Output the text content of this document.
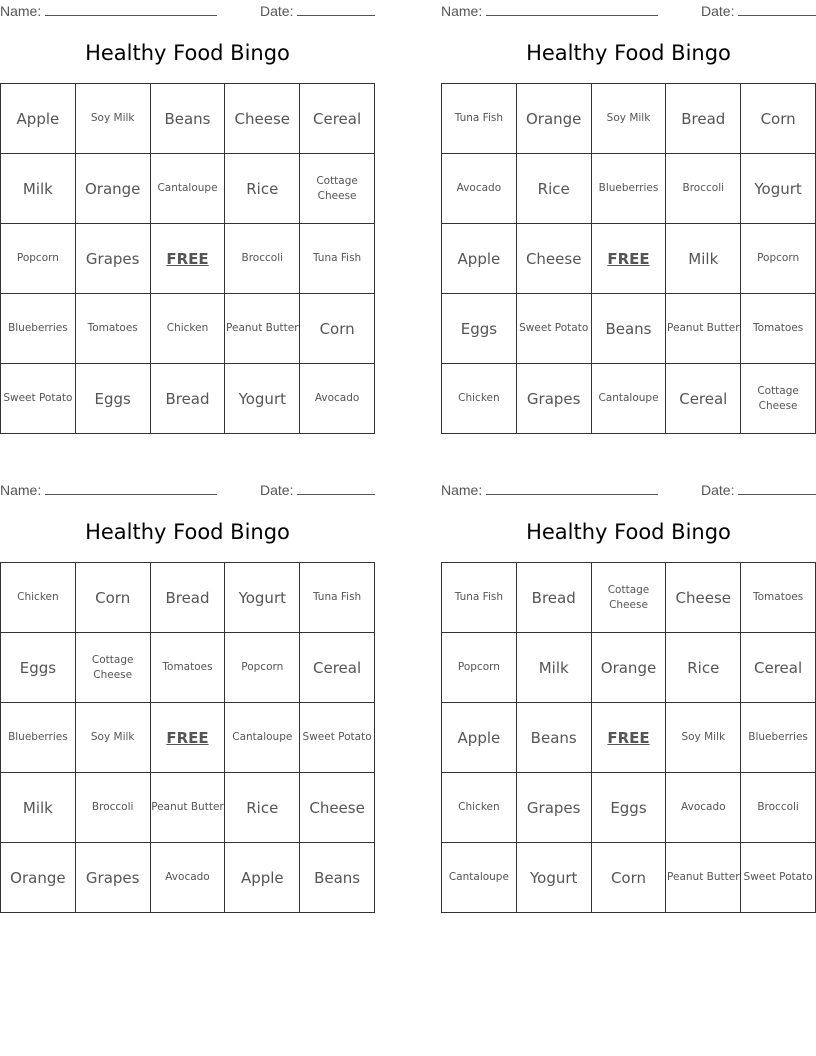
Name:	Date:
Healthy Food Bingo
Apple	Soy Milk	Beans	Cheese	Cereal
Milk	Orange	Cantaloupe	Rice	Cottage Cheese
Popcorn	Grapes	FREE	Broccoli	Tuna Fish
Blueberries	Tomatoes	Chicken	Peanut Butter	Corn
Sweet Potato	Eggs	Bread	Yogurt	Avocado
Name:	Date:
Healthy Food Bingo
Tuna Fish	Orange	Soy Milk	Bread	Corn
Avocado	Rice	Blueberries	Broccoli	Yogurt
Apple	Cheese	FREE	Milk	Popcorn
Eggs	Sweet Potato	Beans	Peanut Butter	Tomatoes
Chicken	Grapes	Cantaloupe	Cereal	Cottage Cheese
Name:	Date:
Healthy Food Bingo
Chicken	Corn	Bread	Yogurt	Tuna Fish
Eggs	Cottage Cheese	Tomatoes	Popcorn	Cereal
Blueberries	Soy Milk	FREE	Cantaloupe	Sweet Potato
Milk	Broccoli	Peanut Butter	Rice	Cheese
Orange	Grapes	Avocado	Apple	Beans
Name:	Date:
Healthy Food Bingo
Tuna Fish	Bread	Cottage Cheese	Cheese	Tomatoes
Popcorn	Milk	Orange	Rice	Cereal
Apple	Beans	FREE	Soy Milk	Blueberries
Chicken	Grapes	Eggs	Avocado	Broccoli
Cantaloupe	Yogurt	Corn	Peanut Butter	Sweet Potato
